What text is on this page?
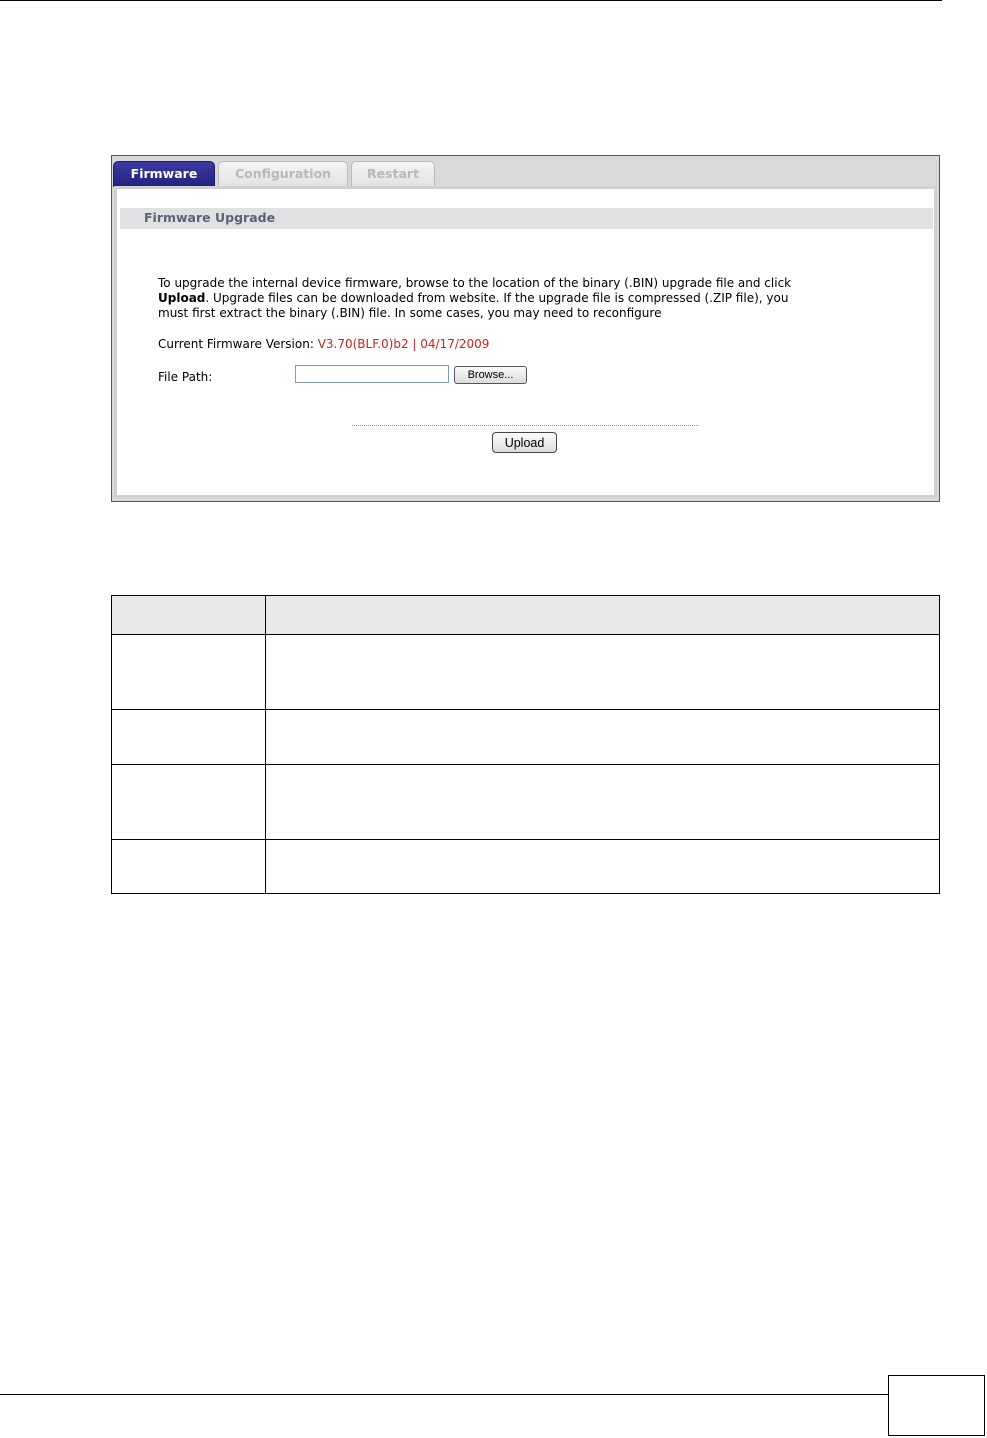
Firmware	Configuration	Restart
Firmware Upgrade
To upgrade the internal device firmware, browse to the location of the binary (.BIN) upgrade file and click
Upload. Upgrade files can be downloaded from website. If the upgrade file is compressed (.ZIP file), you
must first extract the binary (.BIN) file. In some cases, you may need to reconfigure
Current Firmware Version: V3.70(BLF.0)b2 | 04/17/2009
File Path:	Browse...
Upload
